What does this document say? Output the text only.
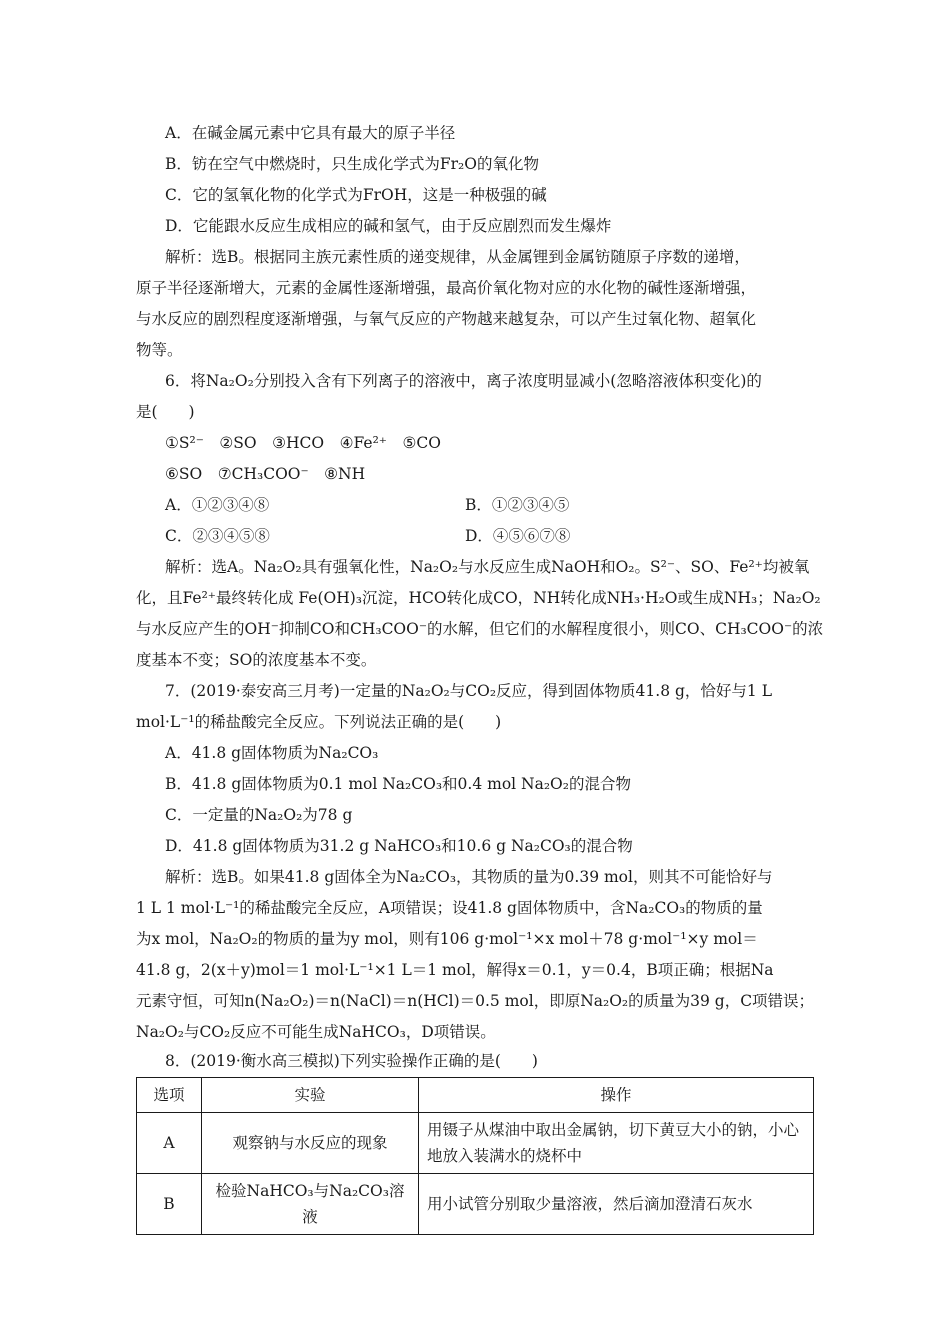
A．在碱金属元素中它具有最大的原子半径
B．钫在空气中燃烧时，只生成化学式为Fr₂O的氧化物
C．它的氢氧化物的化学式为FrOH，这是一种极强的碱
D．它能跟水反应生成相应的碱和氢气，由于反应剧烈而发生爆炸
解析：选B。根据同主族元素性质的递变规律，从金属锂到金属钫随原子序数的递增，
原子半径逐渐增大，元素的金属性逐渐增强，最高价氧化物对应的水化物的碱性逐渐增强，
与水反应的剧烈程度逐渐增强，与氧气反应的产物越来越复杂，可以产生过氧化物、超氧化
物等。
6．将Na₂O₂分别投入含有下列离子的溶液中，离子浓度明显减小(忽略溶液体积变化)的
是(　　)
①S²⁻　②SO　③HCO　④Fe²⁺　⑤CO
⑥SO　⑦CH₃COO⁻　⑧NH
A．①②③④⑧	B．①②③④⑤
C．②③④⑤⑧	D．④⑤⑥⑦⑧
解析：选A。Na₂O₂具有强氧化性，Na₂O₂与水反应生成NaOH和O₂。S²⁻、SO、Fe²⁺均被氧
化，且Fe²⁺最终转化成 Fe(OH)₃沉淀，HCO转化成CO，NH转化成NH₃·H₂O或生成NH₃；Na₂O₂
与水反应产生的OH⁻抑制CO和CH₃COO⁻的水解，但它们的水解程度很小，则CO、CH₃COO⁻的浓
度基本不变；SO的浓度基本不变。
7．(2019·泰安高三月考)一定量的Na₂O₂与CO₂反应，得到固体物质41.8 g，恰好与1 L
mol·L⁻¹的稀盐酸完全反应。下列说法正确的是(　　)
A．41.8 g固体物质为Na₂CO₃
B．41.8 g固体物质为0.1 mol Na₂CO₃和0.4 mol Na₂O₂的混合物
C．一定量的Na₂O₂为78 g
D．41.8 g固体物质为31.2 g NaHCO₃和10.6 g Na₂CO₃的混合物
解析：选B。如果41.8 g固体全为Na₂CO₃，其物质的量为0.39 mol，则其不可能恰好与
1 L 1 mol·L⁻¹的稀盐酸完全反应，A项错误；设41.8 g固体物质中，含Na₂CO₃的物质的量
为x mol，Na₂O₂的物质的量为y mol，则有106 g·mol⁻¹×x mol＋78 g·mol⁻¹×y mol＝
41.8 g，2(x＋y)mol＝1 mol·L⁻¹×1 L＝1 mol，解得x＝0.1，y＝0.4，B项正确；根据Na
元素守恒，可知n(Na₂O₂)＝n(NaCl)＝n(HCl)＝0.5 mol，即原Na₂O₂的质量为39 g，C项错误；
Na₂O₂与CO₂反应不可能生成NaHCO₃，D项错误。
8．(2019·衡水高三模拟)下列实验操作正确的是(　　)
选项	实验	操作
A	观察钠与水反应的现象	用镊子从煤油中取出金属钠，切下黄豆大小的钠，小心地放入装满水的烧杯中
B	检验NaHCO₃与Na₂CO₃溶液	用小试管分别取少量溶液，然后滴加澄清石灰水
